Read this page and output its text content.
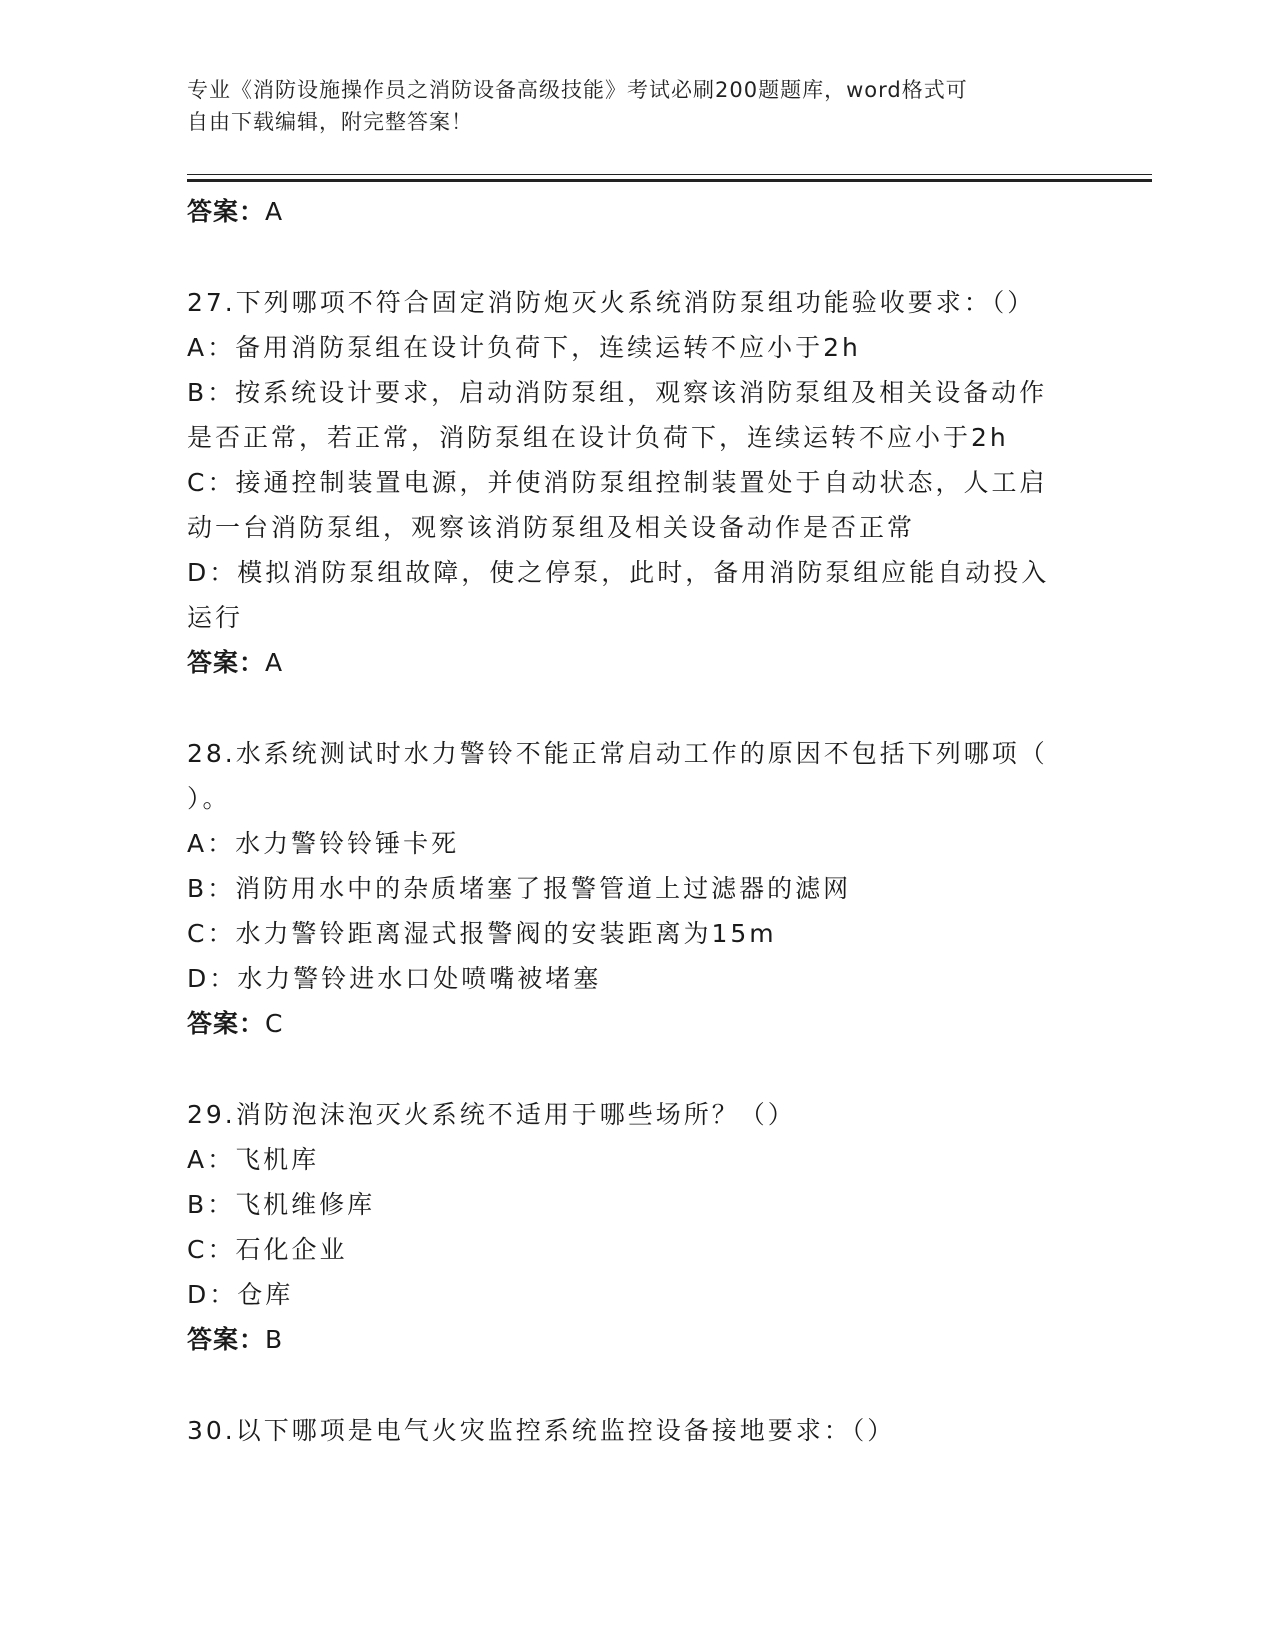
专业《消防设施操作员之消防设备高级技能》考试必刷200题题库，word格式可
自由下载编辑，附完整答案！
答案：A
27.下列哪项不符合固定消防炮灭火系统消防泵组功能验收要求：（）
A：备用消防泵组在设计负荷下，连续运转不应小于2h
B：按系统设计要求，启动消防泵组，观察该消防泵组及相关设备动作
是否正常，若正常，消防泵组在设计负荷下，连续运转不应小于2h
C：接通控制装置电源，并使消防泵组控制装置处于自动状态，人工启
动一台消防泵组，观察该消防泵组及相关设备动作是否正常
D：模拟消防泵组故障，使之停泵，此时，备用消防泵组应能自动投入
运行
答案：A
28.水系统测试时水力警铃不能正常启动工作的原因不包括下列哪项（
）。
A：水力警铃铃锤卡死
B：消防用水中的杂质堵塞了报警管道上过滤器的滤网
C：水力警铃距离湿式报警阀的安装距离为15m
D：水力警铃进水口处喷嘴被堵塞
答案：C
29.消防泡沫泡灭火系统不适用于哪些场所？（）
A：飞机库
B：飞机维修库
C：石化企业
D：仓库
答案：B
30.以下哪项是电气火灾监控系统监控设备接地要求：（）
